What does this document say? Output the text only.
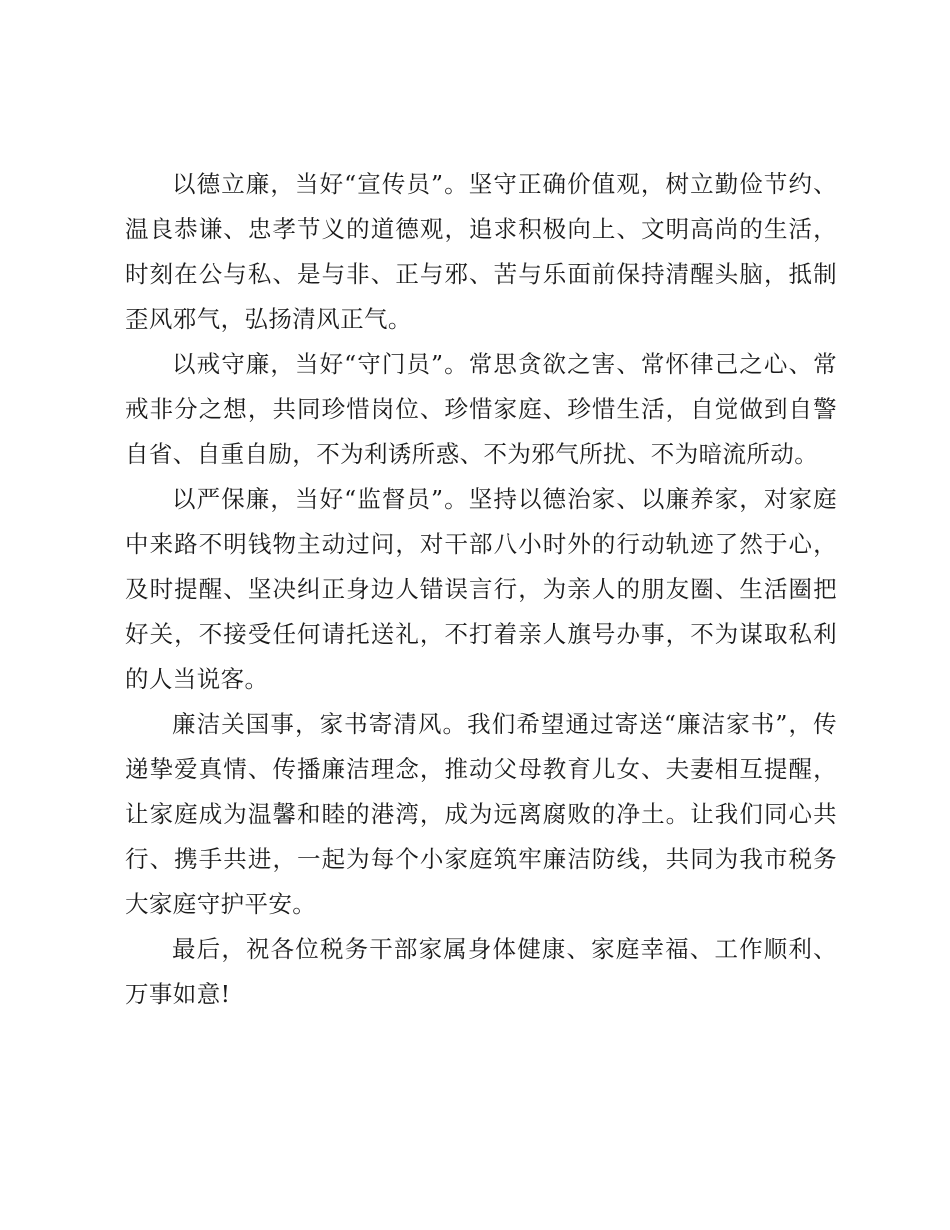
以德立廉，当好“宣传员”。坚守正确价值观，树立勤俭节约、温良恭谦、忠孝节义的道德观，追求积极向上、文明高尚的生活，时刻在公与私、是与非、正与邪、苦与乐面前保持清醒头脑，抵制歪风邪气，弘扬清风正气。

以戒守廉，当好“守门员”。常思贪欲之害、常怀律己之心、常戒非分之想，共同珍惜岗位、珍惜家庭、珍惜生活，自觉做到自警自省、自重自励，不为利诱所惑、不为邪气所扰、不为暗流所动。

以严保廉，当好“监督员”。坚持以德治家、以廉养家，对家庭中来路不明钱物主动过问，对干部八小时外的行动轨迹了然于心，及时提醒、坚决纠正身边人错误言行，为亲人的朋友圈、生活圈把好关，不接受任何请托送礼，不打着亲人旗号办事，不为谋取私利的人当说客。

廉洁关国事，家书寄清风。我们希望通过寄送“廉洁家书”，传递挚爱真情、传播廉洁理念，推动父母教育儿女、夫妻相互提醒，让家庭成为温馨和睦的港湾，成为远离腐败的净土。让我们同心共行、携手共进，一起为每个小家庭筑牢廉洁防线，共同为我市税务大家庭守护平安。

最后，祝各位税务干部家属身体健康、家庭幸福、工作顺利、万事如意!
